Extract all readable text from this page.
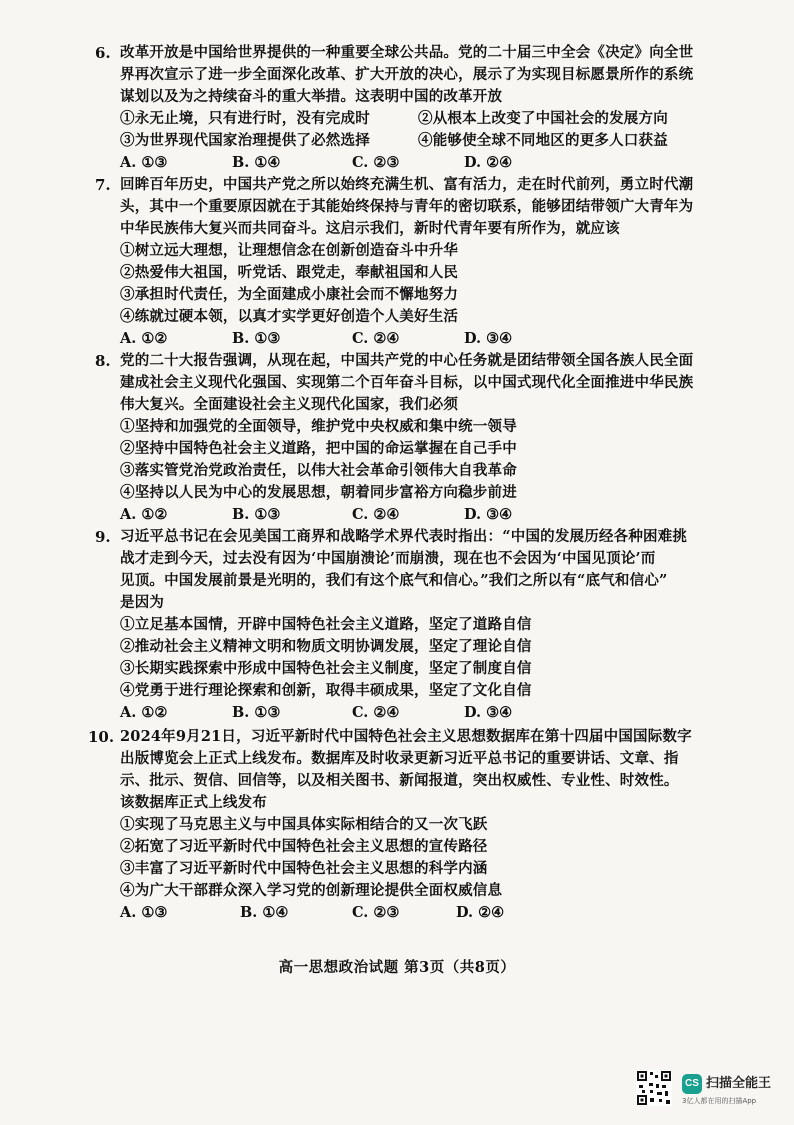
6. 改革开放是中国给世界提供的一种重要全球公共品。党的二十届三中全会《决定》向全世
界再次宣示了进一步全面深化改革、扩大开放的决心，展示了为实现目标愿景所作的系统
谋划以及为之持续奋斗的重大举措。这表明中国的改革开放
①永无止境，只有进行时，没有完成时	②从根本上改变了中国社会的发展方向
③为世界现代国家治理提供了必然选择	④能够使全球不同地区的更多人口获益
A. ①③	B. ①④	C. ②③	D. ②④
7. 回眸百年历史，中国共产党之所以始终充满生机、富有活力，走在时代前列，勇立时代潮
头，其中一个重要原因就在于其能始终保持与青年的密切联系，能够团结带领广大青年为
中华民族伟大复兴而共同奋斗。这启示我们，新时代青年要有所作为，就应该
①树立远大理想，让理想信念在创新创造奋斗中升华
②热爱伟大祖国，听党话、跟党走，奉献祖国和人民
③承担时代责任，为全面建成小康社会而不懈地努力
④练就过硬本领，以真才实学更好创造个人美好生活
A. ①②	B. ①③	C. ②④	D. ③④
8. 党的二十大报告强调，从现在起，中国共产党的中心任务就是团结带领全国各族人民全面
建成社会主义现代化强国、实现第二个百年奋斗目标，以中国式现代化全面推进中华民族
伟大复兴。全面建设社会主义现代化国家，我们必须
①坚持和加强党的全面领导，维护党中央权威和集中统一领导
②坚持中国特色社会主义道路，把中国的命运掌握在自己手中
③落实管党治党政治责任，以伟大社会革命引领伟大自我革命
④坚持以人民为中心的发展思想，朝着同步富裕方向稳步前进
A. ①②	B. ①③	C. ②④	D. ③④
9. 习近平总书记在会见美国工商界和战略学术界代表时指出：“中国的发展历经各种困难挑
战才走到今天，过去没有因为‘中国崩溃论’而崩溃，现在也不会因为‘中国见顶论’而
见顶。中国发展前景是光明的，我们有这个底气和信心。”我们之所以有“底气和信心”
是因为
①立足基本国情，开辟中国特色社会主义道路，坚定了道路自信
②推动社会主义精神文明和物质文明协调发展，坚定了理论自信
③长期实践探索中形成中国特色社会主义制度，坚定了制度自信
④党勇于进行理论探索和创新，取得丰硕成果，坚定了文化自信
A. ①②	B. ①③	C. ②④	D. ③④
10. 2024年9月21日，习近平新时代中国特色社会主义思想数据库在第十四届中国国际数字
出版博览会上正式上线发布。数据库及时收录更新习近平总书记的重要讲话、文章、指
示、批示、贺信、回信等，以及相关图书、新闻报道，突出权威性、专业性、时效性。
该数据库正式上线发布
①实现了马克思主义与中国具体实际相结合的又一次飞跃
②拓宽了习近平新时代中国特色社会主义思想的宣传路径
③丰富了习近平新时代中国特色社会主义思想的科学内涵
④为广大干部群众深入学习党的创新理论提供全面权威信息
A. ①③	B. ①④	C. ②③	D. ②④
高一思想政治试题 第3页（共8页）
CS 扫描全能王
3亿人都在用的扫描App
